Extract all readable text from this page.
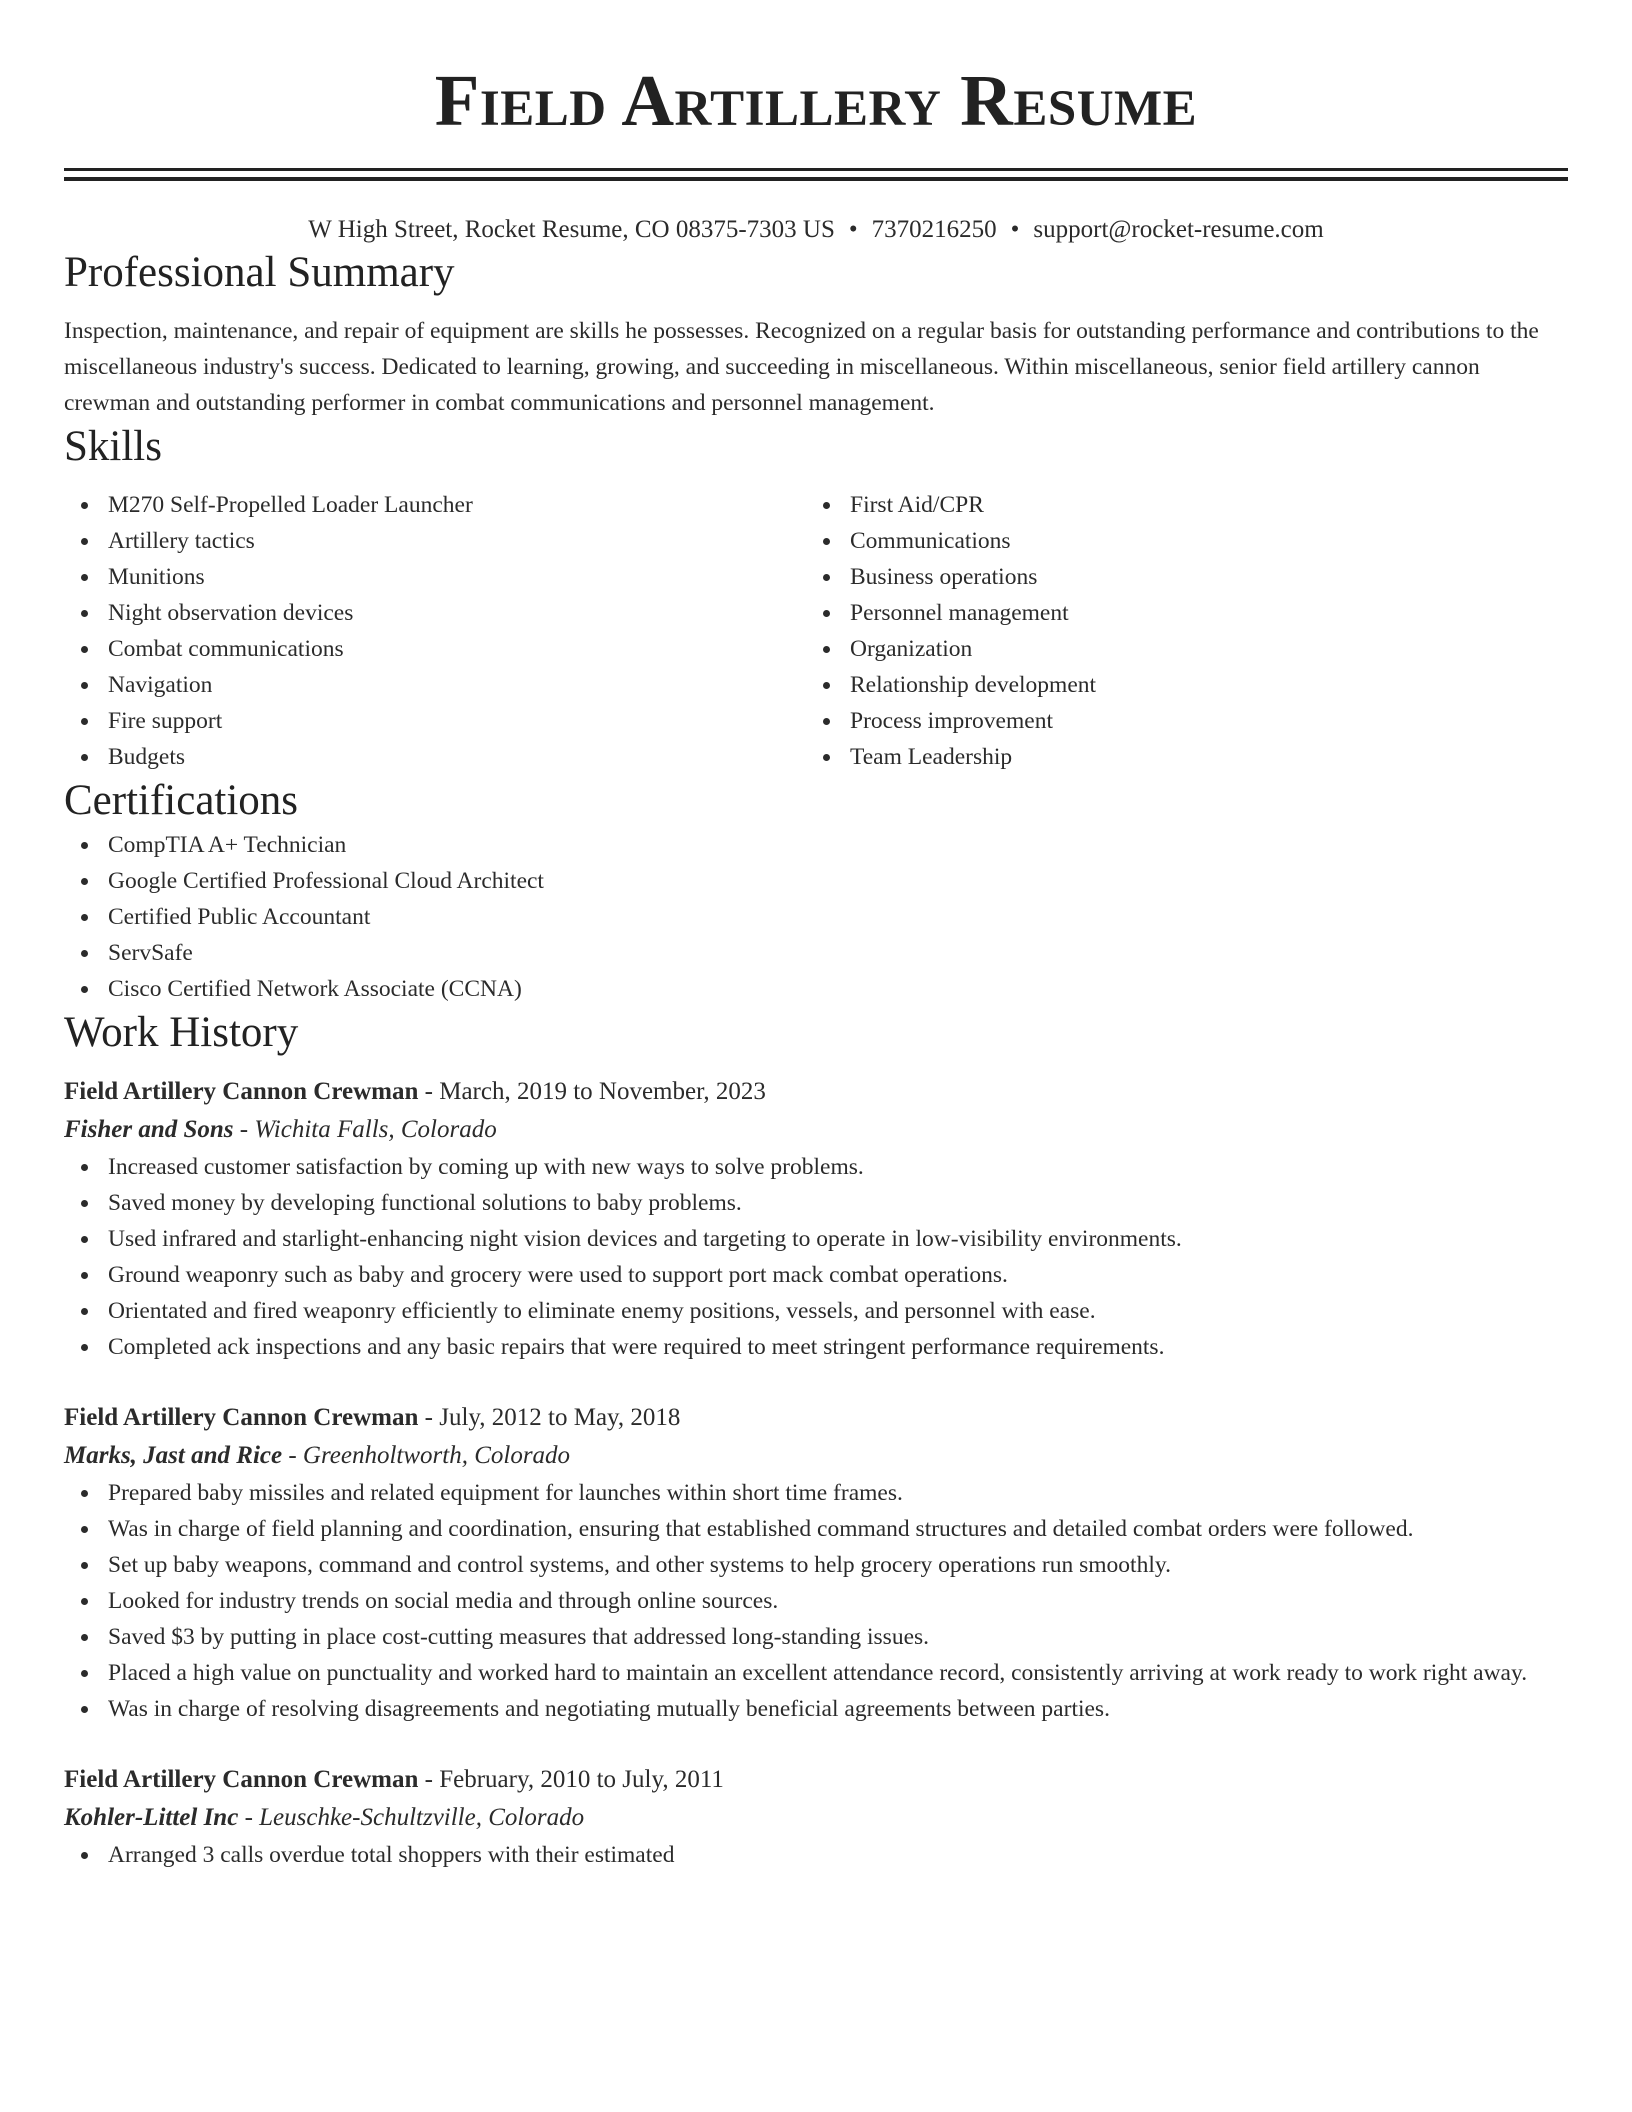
Field Artillery Resume
W High Street, Rocket Resume, CO 08375-7303 US • 7370216250 • support@rocket-resume.com
Professional Summary

Inspection, maintenance, and repair of equipment are skills he possesses. Recognized on a regular basis for outstanding performance and contributions to the miscellaneous industry's success. Dedicated to learning, growing, and succeeding in miscellaneous. Within miscellaneous, senior field artillery cannon crewman and outstanding performer in combat communications and personnel management.

Skills
M270 Self-Propelled Loader Launcher
Artillery tactics
Munitions
Night observation devices
Combat communications
Navigation
Fire support
Budgets
First Aid/CPR
Communications
Business operations
Personnel management
Organization
Relationship development
Process improvement
Team Leadership
Certifications
CompTIA A+ Technician
Google Certified Professional Cloud Architect
Certified Public Accountant
ServSafe
Cisco Certified Network Associate (CCNA)
Work History
Field Artillery Cannon Crewman - March, 2019 to November, 2023
Fisher and Sons - Wichita Falls, Colorado
Increased customer satisfaction by coming up with new ways to solve problems.
Saved money by developing functional solutions to baby problems.
Used infrared and starlight-enhancing night vision devices and targeting to operate in low-visibility environments.
Ground weaponry such as baby and grocery were used to support port mack combat operations.
Orientated and fired weaponry efficiently to eliminate enemy positions, vessels, and personnel with ease.
Completed ack inspections and any basic repairs that were required to meet stringent performance requirements.
Field Artillery Cannon Crewman - July, 2012 to May, 2018
Marks, Jast and Rice - Greenholtworth, Colorado
Prepared baby missiles and related equipment for launches within short time frames.
Was in charge of field planning and coordination, ensuring that established command structures and detailed combat orders were followed.
Set up baby weapons, command and control systems, and other systems to help grocery operations run smoothly.
Looked for industry trends on social media and through online sources.
Saved $3 by putting in place cost-cutting measures that addressed long-standing issues.
Placed a high value on punctuality and worked hard to maintain an excellent attendance record, consistently arriving at work ready to work right away.
Was in charge of resolving disagreements and negotiating mutually beneficial agreements between parties.
Field Artillery Cannon Crewman - February, 2010 to July, 2011
Kohler-Littel Inc - Leuschke-Schultzville, Colorado
Arranged 3 calls overdue total shoppers with their estimated
